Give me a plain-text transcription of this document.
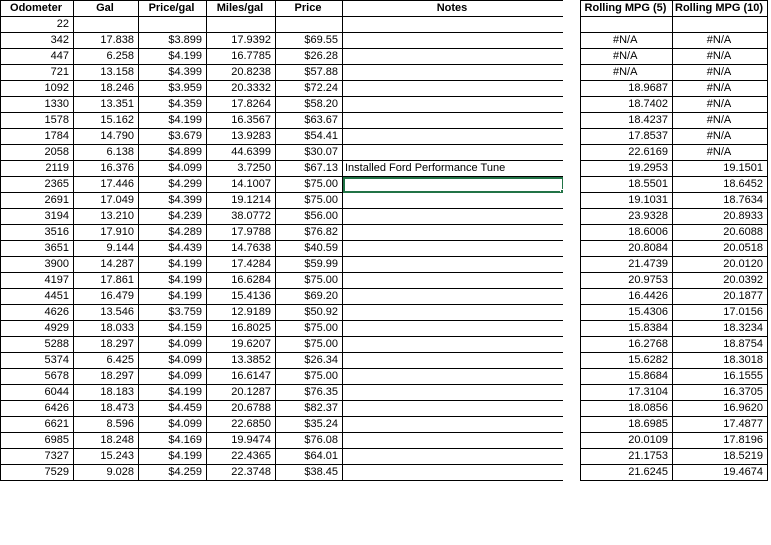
Odometer	Gal	Price/gal	Miles/gal	Price	Notes
22					
342	17.838	$3.899	17.9392	$69.55	
447	6.258	$4.199	16.7785	$26.28	
721	13.158	$4.399	20.8238	$57.88	
1092	18.246	$3.959	20.3332	$72.24	
1330	13.351	$4.359	17.8264	$58.20	
1578	15.162	$4.199	16.3567	$63.67	
1784	14.790	$3.679	13.9283	$54.41	
2058	6.138	$4.899	44.6399	$30.07	
2119	16.376	$4.099	3.7250	$67.13	Installed Ford Performance Tune
2365	17.446	$4.299	14.1007	$75.00	

2691	17.049	$4.399	19.1214	$75.00	
3194	13.210	$4.239	38.0772	$56.00	
3516	17.910	$4.289	17.9788	$76.82	
3651	9.144	$4.439	14.7638	$40.59	
3900	14.287	$4.199	17.4284	$59.99	
4197	17.861	$4.199	16.6284	$75.00	
4451	16.479	$4.199	15.4136	$69.20	
4626	13.546	$3.759	12.9189	$50.92	
4929	18.033	$4.159	16.8025	$75.00	
5288	18.297	$4.099	19.6207	$75.00	
5374	6.425	$4.099	13.3852	$26.34	
5678	18.297	$4.099	16.6147	$75.00	
6044	18.183	$4.199	20.1287	$76.35	
6426	18.473	$4.459	20.6788	$82.37	
6621	8.596	$4.099	22.6850	$35.24	
6985	18.248	$4.169	19.9474	$76.08	
7327	15.243	$4.199	22.4365	$64.01	
7529	9.028	$4.259	22.3748	$38.45	
Rolling MPG (5)	Rolling MPG (10)

#N/A	#N/A
#N/A	#N/A
#N/A	#N/A
18.9687	#N/A
18.7402	#N/A
18.4237	#N/A
17.8537	#N/A
22.6169	#N/A
19.2953	19.1501
18.5501	18.6452
19.1031	18.7634
23.9328	20.8933
18.6006	20.6088
20.8084	20.0518
21.4739	20.0120
20.9753	20.0392
16.4426	20.1877
15.4306	17.0156
15.8384	18.3234
16.2768	18.8754
15.6282	18.3018
15.8684	16.1555
17.3104	16.3705
18.0856	16.9620
18.6985	17.4877
20.0109	17.8196
21.1753	18.5219
21.6245	19.4674
